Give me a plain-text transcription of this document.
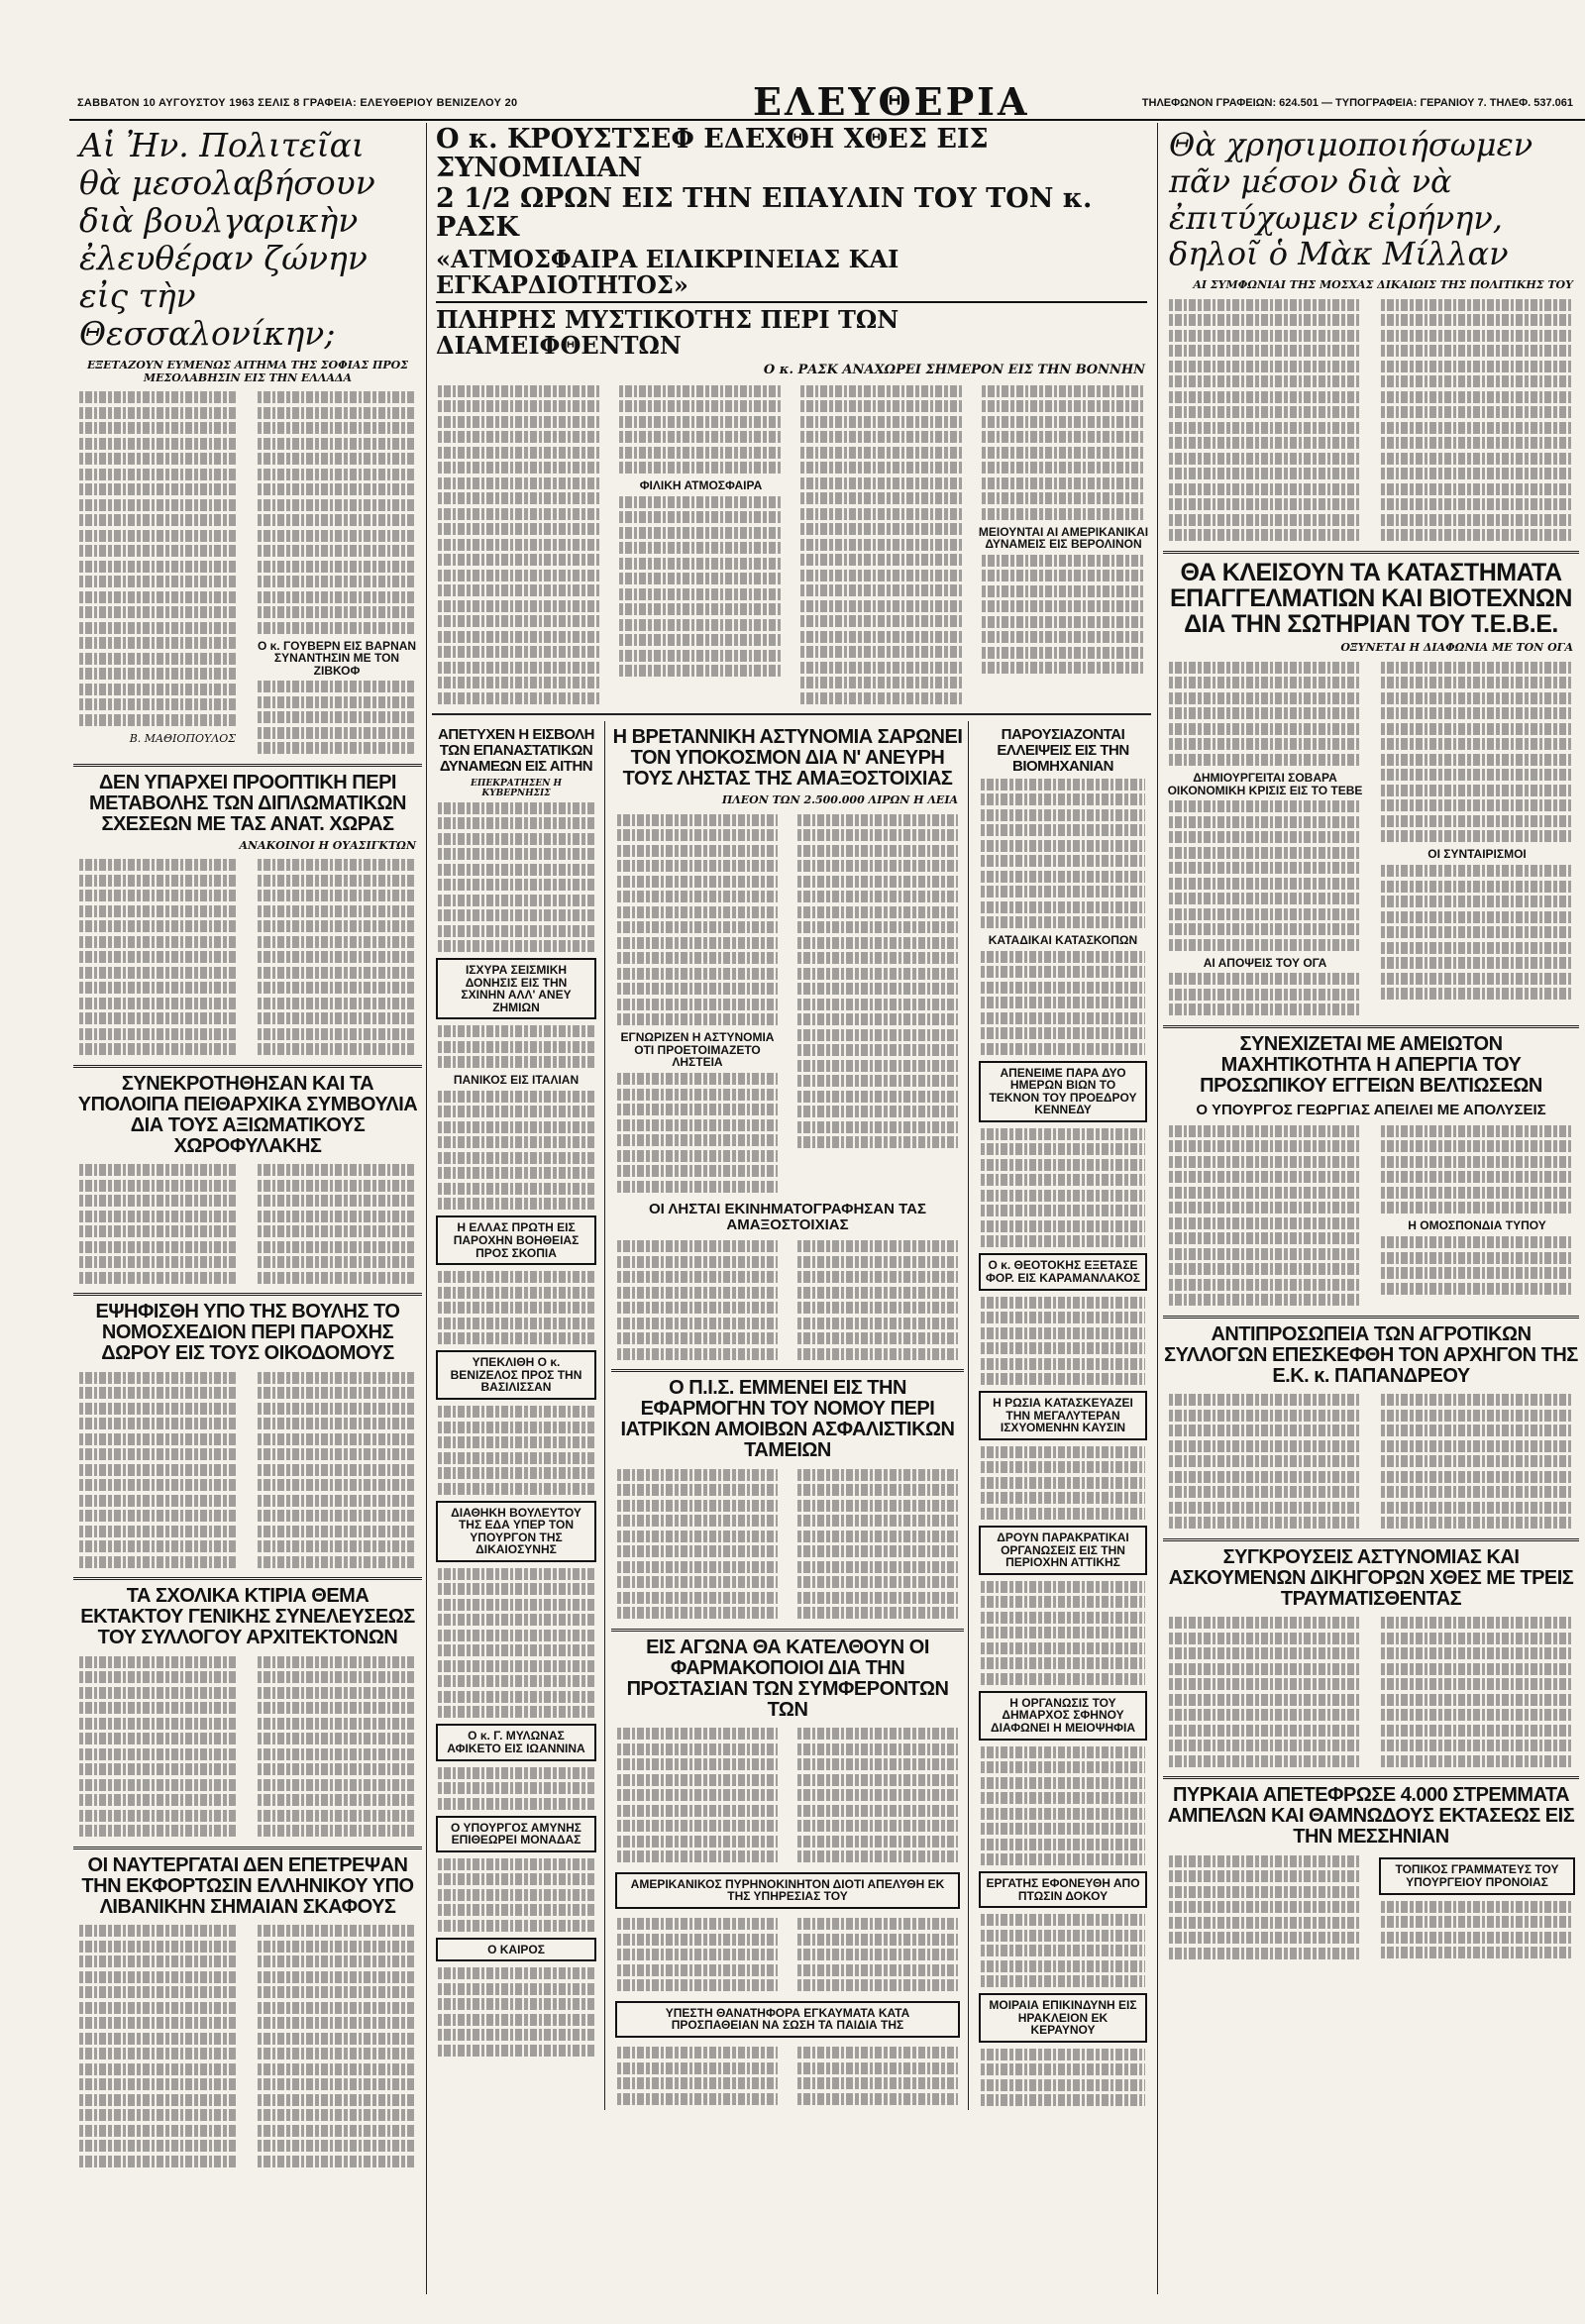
ΣΑΒΒΑΤΟΝ 10 ΑΥΓΟΥΣΤΟΥ 1963 ΣΕΛΙΣ 8 ΓΡΑΦΕΙΑ: ΕΛΕΥΘΕΡΙΟΥ ΒΕΝΙΖΕΛΟΥ 20	ΕΛΕΥΘΕΡΙΑ	ΤΗΛΕΦΩΝΟΝ ΓΡΑΦΕΙΩΝ: 624.501 — ΤΥΠΟΓΡΑΦΕΙΑ: ΓΕΡΑΝΙΟΥ 7. ΤΗΛΕΦ. 537.061
Αἱ Ἠν. Πολιτεῖαι θὰ μεσολαβήσουν διὰ βουλγαρικὴν ἐλευθέραν ζώνην εἰς τὴν Θεσσαλονίκην;
ΕΞΕΤΑΖΟΥΝ ΕΥΜΕΝΩΣ ΑΙΤΗΜΑ ΤΗΣ ΣΟΦΙΑΣ ΠΡΟΣ ΜΕΣΟΛΑΒΗΣΙΝ ΕΙΣ ΤΗΝ ΕΛΛΑΔΑ
Β. ΜΑΘΙΟΠΟΥΛΟΣ
Ο κ. ΓΟΥΒΕΡΝ ΕΙΣ ΒΑΡΝΑΝ ΣΥΝΑΝΤΗΣΙΝ ΜΕ ΤΟΝ ΖΙΒΚΟΦ
ΔΕΝ ΥΠΑΡΧΕΙ ΠΡΟΟΠΤΙΚΗ ΠΕΡΙ ΜΕΤΑΒΟΛΗΣ ΤΩΝ ΔΙΠΛΩΜΑΤΙΚΩΝ ΣΧΕΣΕΩΝ ΜΕ ΤΑΣ ΑΝΑΤ. ΧΩΡΑΣ
ΑΝΑΚΟΙΝΟΙ Η ΟΥΑΣΙΓΚΤΩΝ
ΣΥΝΕΚΡΟΤΗΘΗΣΑΝ ΚΑΙ ΤΑ ΥΠΟΛΟΙΠΑ ΠΕΙΘΑΡΧΙΚΑ ΣΥΜΒΟΥΛΙΑ ΔΙΑ ΤΟΥΣ ΑΞΙΩΜΑΤΙΚΟΥΣ ΧΩΡΟΦΥΛΑΚΗΣ
ΕΨΗΦΙΣΘΗ ΥΠΟ ΤΗΣ ΒΟΥΛΗΣ ΤΟ ΝΟΜΟΣΧΕΔΙΟΝ ΠΕΡΙ ΠΑΡΟΧΗΣ ΔΩΡΟΥ ΕΙΣ ΤΟΥΣ ΟΙΚΟΔΟΜΟΥΣ
ΤΑ ΣΧΟΛΙΚΑ ΚΤΙΡΙΑ ΘΕΜΑ ΕΚΤΑΚΤΟΥ ΓΕΝΙΚΗΣ ΣΥΝΕΛΕΥΣΕΩΣ ΤΟΥ ΣΥΛΛΟΓΟΥ ΑΡΧΙΤΕΚΤΟΝΩΝ
ΟΙ ΝΑΥΤΕΡΓΑΤΑΙ ΔΕΝ ΕΠΕΤΡΕΨΑΝ ΤΗΝ ΕΚΦΟΡΤΩΣΙΝ ΕΛΛΗΝΙΚΟΥ ΥΠΟ ΛΙΒΑΝΙΚΗΝ ΣΗΜΑΙΑΝ ΣΚΑΦΟΥΣ
Ο κ. ΚΡΟΥΣΤΣΕΦ ΕΔΕΧΘΗ ΧΘΕΣ ΕΙΣ ΣΥΝΟΜΙΛΙΑΝ
2 1/2 ΩΡΩΝ ΕΙΣ ΤΗΝ ΕΠΑΥΛΙΝ ΤΟΥ ΤΟΝ κ. ΡΑΣΚ
«ΑΤΜΟΣΦΑΙΡΑ ΕΙΛΙΚΡΙΝΕΙΑΣ ΚΑΙ ΕΓΚΑΡΔΙΟΤΗΤΟΣ»
ΠΛΗΡΗΣ ΜΥΣΤΙΚΟΤΗΣ ΠΕΡΙ ΤΩΝ ΔΙΑΜΕΙΦΘΕΝΤΩΝ
Ο κ. ΡΑΣΚ ΑΝΑΧΩΡΕΙ ΣΗΜΕΡΟΝ ΕΙΣ ΤΗΝ ΒΟΝΝΗΝ
ΦΙΛΙΚΗ ΑΤΜΟΣΦΑΙΡΑ
ΜΕΙΟΥΝΤΑΙ ΑΙ ΑΜΕΡΙΚΑΝΙΚΑΙ ΔΥΝΑΜΕΙΣ ΕΙΣ ΒΕΡΟΛΙΝΟΝ
ΑΠΕΤΥΧΕΝ Η ΕΙΣΒΟΛΗ ΤΩΝ ΕΠΑΝΑΣΤΑΤΙΚΩΝ ΔΥΝΑΜΕΩΝ ΕΙΣ ΑΙΤΗΝ
ΕΠΕΚΡΑΤΗΣΕΝ Η ΚΥΒΕΡΝΗΣΙΣ
ΙΣΧΥΡΑ ΣΕΙΣΜΙΚΗ ΔΟΝΗΣΙΣ ΕΙΣ ΤΗΝ ΣΧΙΝΗΝ ΑΛΛ' ΑΝΕΥ ΖΗΜΙΩΝ
ΠΑΝΙΚΟΣ ΕΙΣ ΙΤΑΛΙΑΝ
Η ΕΛΛΑΣ ΠΡΩΤΗ ΕΙΣ ΠΑΡΟΧΗΝ ΒΟΗΘΕΙΑΣ ΠΡΟΣ ΣΚΟΠΙΑ
ΥΠΕΚΛΙΘΗ Ο κ. ΒΕΝΙΖΕΛΟΣ ΠΡΟΣ ΤΗΝ ΒΑΣΙΛΙΣΣΑΝ
ΔΙΑΘΗΚΗ ΒΟΥΛΕΥΤΟΥ ΤΗΣ ΕΔΑ ΥΠΕΡ ΤΟΝ ΥΠΟΥΡΓΟΝ ΤΗΣ ΔΙΚΑΙΟΣΥΝΗΣ
Ο κ. Γ. ΜΥΛΩΝΑΣ ΑΦΙΚΕΤΟ ΕΙΣ ΙΩΑΝΝΙΝΑ
Ο ΥΠΟΥΡΓΟΣ ΑΜΥΝΗΣ ΕΠΙΘΕΩΡΕΙ ΜΟΝΑΔΑΣ
Ο ΚΑΙΡΟΣ
Η ΒΡΕΤΑΝΝΙΚΗ ΑΣΤΥΝΟΜΙΑ ΣΑΡΩΝΕΙ ΤΟΝ ΥΠΟΚΟΣΜΟΝ ΔΙΑ Ν' ΑΝΕΥΡΗ ΤΟΥΣ ΛΗΣΤΑΣ ΤΗΣ ΑΜΑΞΟΣΤΟΙΧΙΑΣ
ΠΛΕΟΝ ΤΩΝ 2.500.000 ΛΙΡΩΝ Η ΛΕΙΑ
ΕΓΝΩΡΙΖΕΝ Η ΑΣΤΥΝΟΜΙΑ ΟΤΙ ΠΡΟΕΤΟΙΜΑΖΕΤΟ ΛΗΣΤΕΙΑ
ΟΙ ΛΗΣΤΑΙ ΕΚΙΝΗΜΑΤΟΓΡΑΦΗΣΑΝ ΤΑΣ ΑΜΑΞΟΣΤΟΙΧΙΑΣ
Ο Π.Ι.Σ. ΕΜΜΕΝΕΙ ΕΙΣ ΤΗΝ ΕΦΑΡΜΟΓΗΝ ΤΟΥ ΝΟΜΟΥ ΠΕΡΙ ΙΑΤΡΙΚΩΝ ΑΜΟΙΒΩΝ ΑΣΦΑΛΙΣΤΙΚΩΝ ΤΑΜΕΙΩΝ
ΕΙΣ ΑΓΩΝΑ ΘΑ ΚΑΤΕΛΘΟΥΝ ΟΙ ΦΑΡΜΑΚΟΠΟΙΟΙ ΔΙΑ ΤΗΝ ΠΡΟΣΤΑΣΙΑΝ ΤΩΝ ΣΥΜΦΕΡΟΝΤΩΝ ΤΩΝ
ΑΜΕΡΙΚΑΝΙΚΟΣ ΠΥΡΗΝΟΚΙΝΗΤΟΝ ΔΙΟΤΙ ΑΠΕΛΥΘΗ ΕΚ ΤΗΣ ΥΠΗΡΕΣΙΑΣ ΤΟΥ
ΥΠΕΣΤΗ ΘΑΝΑΤΗΦΟΡΑ ΕΓΚΑΥΜΑΤΑ ΚΑΤΑ ΠΡΟΣΠΑΘΕΙΑΝ ΝΑ ΣΩΣΗ ΤΑ ΠΑΙΔΙΑ ΤΗΣ
ΠΑΡΟΥΣΙΑΖΟΝΤΑΙ ΕΛΛΕΙΨΕΙΣ ΕΙΣ ΤΗΝ ΒΙΟΜΗΧΑΝΙΑΝ
ΚΑΤΑΔΙΚΑΙ ΚΑΤΑΣΚΟΠΩΝ
ΑΠΕΝΕΙΜΕ ΠΑΡΑ ΔΥΟ ΗΜΕΡΩΝ ΒΙΩΝ ΤΟ ΤΕΚΝΟΝ ΤΟΥ ΠΡΟΕΔΡΟΥ ΚΕΝΝΕΔΥ
Ο κ. ΘΕΟΤΟΚΗΣ ΕΞΕΤΑΣΕ ΦΟΡ. ΕΙΣ ΚΑΡΑΜΑΝΛΑΚΟΣ
Η ΡΩΣΙΑ ΚΑΤΑΣΚΕΥΑΖΕΙ ΤΗΝ ΜΕΓΑΛΥΤΕΡΑΝ ΙΣΧΥΟΜΕΝΗΝ ΚΑΥΣΙΝ
ΔΡΟΥΝ ΠΑΡΑΚΡΑΤΙΚΑΙ ΟΡΓΑΝΩΣΕΙΣ ΕΙΣ ΤΗΝ ΠΕΡΙΟΧΗΝ ΑΤΤΙΚΗΣ
Η ΟΡΓΑΝΩΣΙΣ ΤΟΥ ΔΗΜΑΡΧΟΣ ΣΦΗΝΟΥ ΔΙΑΦΩΝΕΙ Η ΜΕΙΟΨΗΦΙΑ
ΕΡΓΑΤΗΣ ΕΦΟΝΕΥΘΗ ΑΠΟ ΠΤΩΣΙΝ ΔΟΚΟΥ
ΜΟΙΡΑΙΑ ΕΠΙΚΙΝΔΥΝΗ ΕΙΣ ΗΡΑΚΛΕΙΟΝ ΕΚ ΚΕΡΑΥΝΟΥ
Θὰ χρησιμοποιήσωμεν πᾶν μέσον διὰ νὰ ἐπιτύχωμεν εἰρήνην, δηλοῖ ὁ Μὰκ Μίλλαν
ΑΙ ΣΥΜΦΩΝΙΑΙ ΤΗΣ ΜΟΣΧΑΣ ΔΙΚΑΙΩΙΣ ΤΗΣ ΠΟΛΙΤΙΚΗΣ ΤΟΥ
ΘΑ ΚΛΕΙΣΟΥΝ ΤΑ ΚΑΤΑΣΤΗΜΑΤΑ ΕΠΑΓΓΕΛΜΑΤΙΩΝ ΚΑΙ ΒΙΟΤΕΧΝΩΝ ΔΙΑ ΤΗΝ ΣΩΤΗΡΙΑΝ ΤΟΥ Τ.Ε.Β.Ε.
ΟΞΥΝΕΤΑΙ Η ΔΙΑΦΩΝΙΑ ΜΕ ΤΟΝ ΟΓΑ
ΔΗΜΙΟΥΡΓΕΙΤΑΙ ΣΟΒΑΡΑ ΟΙΚΟΝΟΜΙΚΗ ΚΡΙΣΙΣ ΕΙΣ ΤΟ ΤΕΒΕ
ΑΙ ΑΠΟΨΕΙΣ ΤΟΥ ΟΓΑ
ΟΙ ΣΥΝΤΑΙΡΙΣΜΟΙ
ΣΥΝΕΧΙΖΕΤΑΙ ΜΕ ΑΜΕΙΩΤΟΝ ΜΑΧΗΤΙΚΟΤΗΤΑ Η ΑΠΕΡΓΙΑ ΤΟΥ ΠΡΟΣΩΠΙΚΟΥ ΕΓΓΕΙΩΝ ΒΕΛΤΙΩΣΕΩΝ
Ο ΥΠΟΥΡΓΟΣ ΓΕΩΡΓΙΑΣ ΑΠΕΙΛΕΙ ΜΕ ΑΠΟΛΥΣΕΙΣ
Η ΟΜΟΣΠΟΝΔΙΑ ΤΥΠΟΥ
ΑΝΤΙΠΡΟΣΩΠΕΙΑ ΤΩΝ ΑΓΡΟΤΙΚΩΝ ΣΥΛΛΟΓΩΝ ΕΠΕΣΚΕΦΘΗ ΤΟΝ ΑΡΧΗΓΟΝ ΤΗΣ Ε.Κ. κ. ΠΑΠΑΝΔΡΕΟΥ
ΣΥΓΚΡΟΥΣΕΙΣ ΑΣΤΥΝΟΜΙΑΣ ΚΑΙ ΑΣΚΟΥΜΕΝΩΝ ΔΙΚΗΓΟΡΩΝ ΧΘΕΣ ΜΕ ΤΡΕΙΣ ΤΡΑΥΜΑΤΙΣΘΕΝΤΑΣ
ΠΥΡΚΑΙΑ ΑΠΕΤΕΦΡΩΣΕ 4.000 ΣΤΡΕΜΜΑΤΑ ΑΜΠΕΛΩΝ ΚΑΙ ΘΑΜΝΩΔΟΥΣ ΕΚΤΑΣΕΩΣ ΕΙΣ ΤΗΝ ΜΕΣΣΗΝΙΑΝ
ΤΟΠΙΚΟΣ ΓΡΑΜΜΑΤΕΥΣ ΤΟΥ ΥΠΟΥΡΓΕΙΟΥ ΠΡΟΝΟΙΑΣ
